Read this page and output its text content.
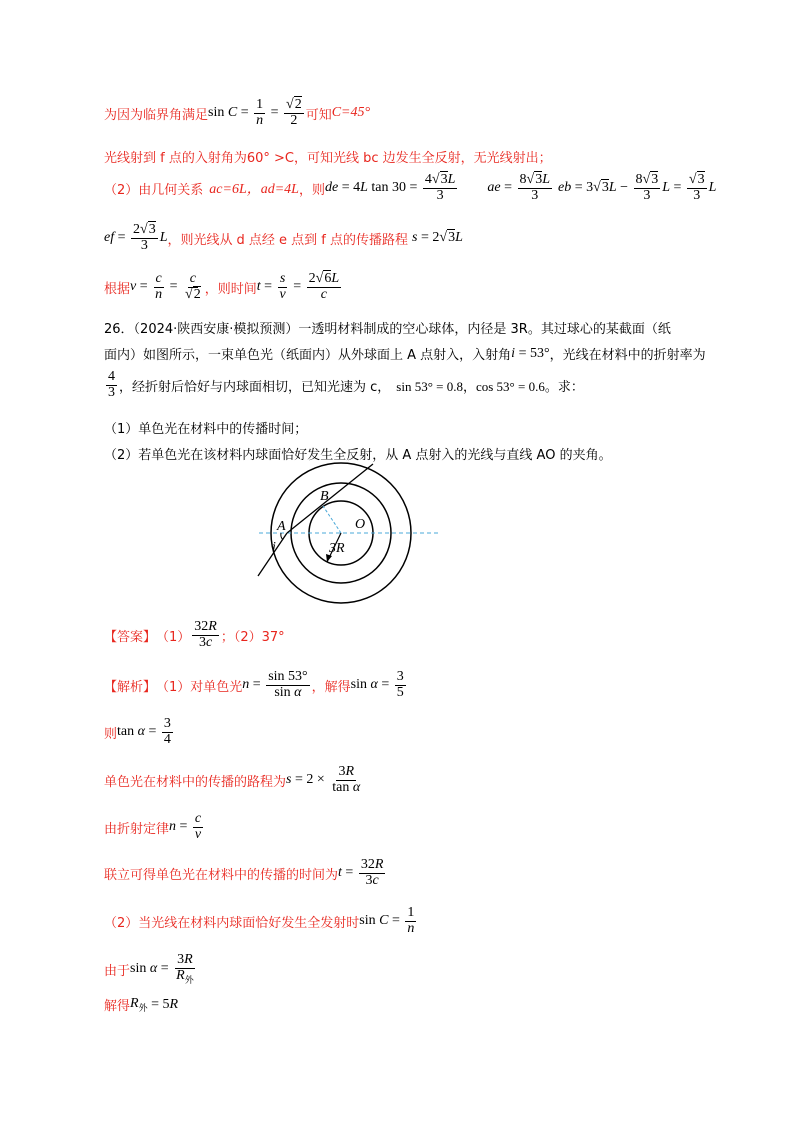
为因为临界角满足 $\sin C = \frac{1}{n} = \frac{√2}{2}$ 可知 C=45°
光线射到 f 点的入射角为60° >C，可知光线 bc 边发生全反射，无光线射出；
（2）由几何关系 ac=6L，ad=4L ，则 de = 4 L $\tan 30 = \frac{4√3L}{3}$ ae = $\frac{8√3L}{3}$ eb = 3√3 $L - \frac{8√3}{3}$ $L = \frac{√3}{3}$ L
ef = $\frac{2√3}{3}$ L ，则光线从 d 点经 e 点到 f 点的传播路程 s = 2√3 L
根据 $v = \frac{c}{n} = \frac{c}{√2}$ ，则时间 $t = \frac{s}{v} = \frac{2√6L}{c}$
26．（2024·陕西安康·模拟预测）一透明材料制成的空心球体，内径是 3R。其过球心的某截面（纸
面内）如图所示，一束单色光（纸面内）从外球面上 A 点射入，入射角 i = 53° ，光线在材料中的折射率为
$\frac{4}{3}$ ，经折射后恰好与内球面相切，已知光速为 c， sin 53° = 0.8，cos 53° = 0.6 。求：
（1）单色光在材料中的传播时间；
（2）若单色光在该材料内球面恰好发生全反射，从 A 点射入的光线与直线 AO 的夹角。
A
B
O
i	3R
【答案】 $(1) \frac{32R}{3c}$ ；（2）37°
【解析】 （1）对单色光 $n = \frac{\sin 53^\circ}{\text{sin α}}$ ，解得 $\sin \alpha = \frac{3}{5}$
则 $\tan \alpha = \frac{3}{4}$
单色光在材料中的传播的路程为 $s = 2 \times \frac{3R}{\text{tan α}}$
由折射定律 $n = \frac{c}{v}$
联立可得单色光在材料中的传播的时间为 $t = \frac{32R}{3c}$
（2）当光线在材料内球面恰好发生全发射时 $\sin C = \frac{1}{n}$
由于 $\sin \alpha = \frac{3R}{R_外}$
解得 $R_外 = 5$ R
